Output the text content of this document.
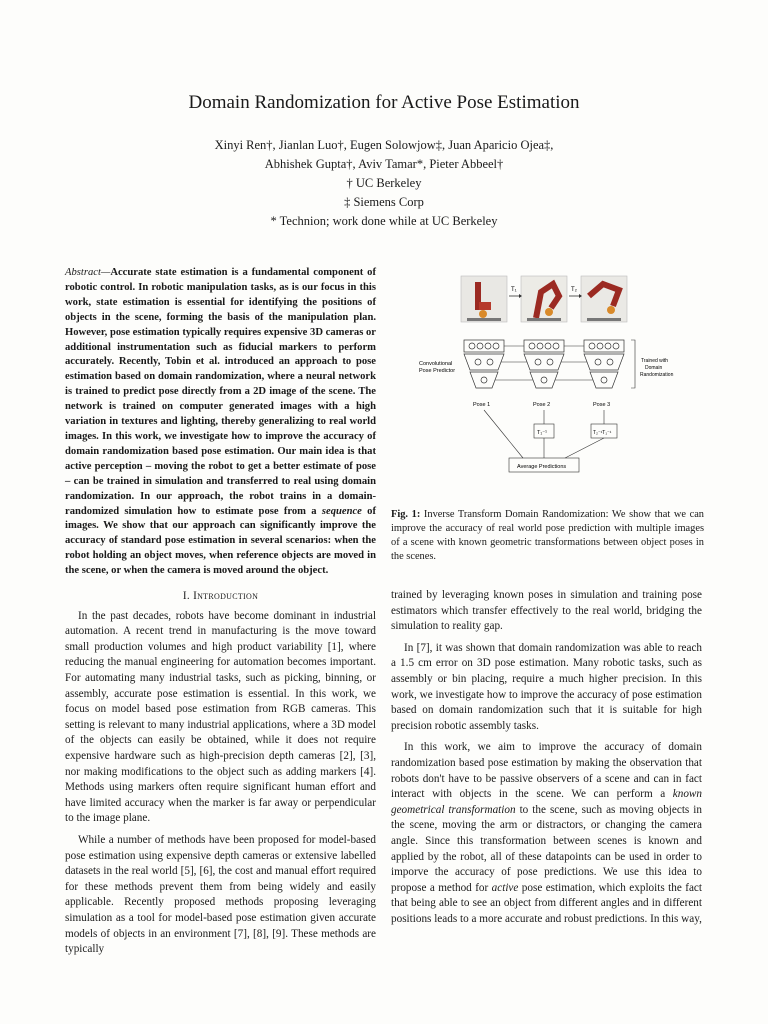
Domain Randomization for Active Pose Estimation
Xinyi Ren†, Jianlan Luo†, Eugen Solowjow‡, Juan Aparicio Ojea‡,
Abhishek Gupta†, Aviv Tamar*, Pieter Abbeel†
† UC Berkeley
‡ Siemens Corp
* Technion; work done while at UC Berkeley
Abstract—Accurate state estimation is a fundamental component of robotic control. In robotic manipulation tasks, as is our focus in this work, state estimation is essential for identifying the positions of objects in the scene, forming the basis of the manipulation plan. However, pose estimation typically requires expensive 3D cameras or additional instrumentation such as fiducial markers to perform accurately. Recently, Tobin et al. introduced an approach to pose estimation based on domain randomization, where a neural network is trained to predict pose directly from a 2D image of the scene. The network is trained on computer generated images with a high variation in textures and lighting, thereby generalizing to real world images. In this work, we investigate how to improve the accuracy of domain randomization based pose estimation. Our main idea is that active perception – moving the robot to get a better estimate of pose – can be trained in simulation and transferred to real using domain randomization. In our approach, the robot trains in a domain-randomized simulation how to estimate pose from a sequence of images. We show that our approach can significantly improve the accuracy of standard pose estimation in several scenarios: when the robot holding an object moves, when reference objects are moved in the scene, or when the camera is moved around the object.
I. Introduction

In the past decades, robots have become dominant in industrial automation. A recent trend in manufacturing is the move toward small production volumes and high product variability [1], where reducing the manual engineering for automation becomes important. For automating many industrial tasks, such as picking, binning, or assembly, accurate pose estimation is essential. In this work, we focus on model based pose estimation from RGB cameras. This setting is relevant to many industrial applications, where a 3D model of the objects can easily be obtained, while it does not require expensive hardware such as high-precision depth cameras [2], [3], nor making modifications to the object such as adding markers [4]. Methods using markers often require significant human effort and have limited accuracy when the marker is far away or perpendicular to the image plane.

While a number of methods have been proposed for model-based pose estimation using expensive depth cameras or extensive labelled datasets in the real world [5], [6], the cost and manual effort required for these methods prevent them from being widely and easily applicable. Recently proposed methods proposing leveraging simulation as a tool for model-based pose estimation given accurate models of objects in an environment [7], [8], [9]. These methods are typically

T₁	T₂
Convolutional
Pose Predictor
Trained with
Domain
Randomization
Pose 1	Pose 2	Pose 3
T₁⁻¹	T₂⁻¹T₁⁻¹
Average Predictions
Fig. 1: Inverse Transform Domain Randomization: We show that we can improve the accuracy of real world pose prediction with multiple images of a scene with known geometric transformations between object poses in the scenes.

trained by leveraging known poses in simulation and training pose estimators which transfer effectively to the real world, bridging the simulation to reality gap.

In [7], it was shown that domain randomization was able to reach a 1.5 cm error on 3D pose estimation. Many robotic tasks, such as assembly or bin placing, require a much higher precision. In this work, we investigate how to improve the accuracy of pose estimation based on domain randomization such that it is suitable for high precision robotic assembly tasks.

In this work, we aim to improve the accuracy of domain randomization based pose estimation by making the observation that robots don't have to be passive observers of a scene and can in fact interact with objects in the scene. We can perform a known geometrical transformation to the scene, such as moving objects in the scene, moving the arm or distractors, or changing the camera angle. Since this transformation between scenes is known and applied by the robot, all of these datapoints can be used in order to imporve the accuracy of pose predictions. We use this idea to propose a method for active pose estimation, which exploits the fact that being able to see an object from different angles and in different positions leads to a more accurate and robust predictions. In this way,
